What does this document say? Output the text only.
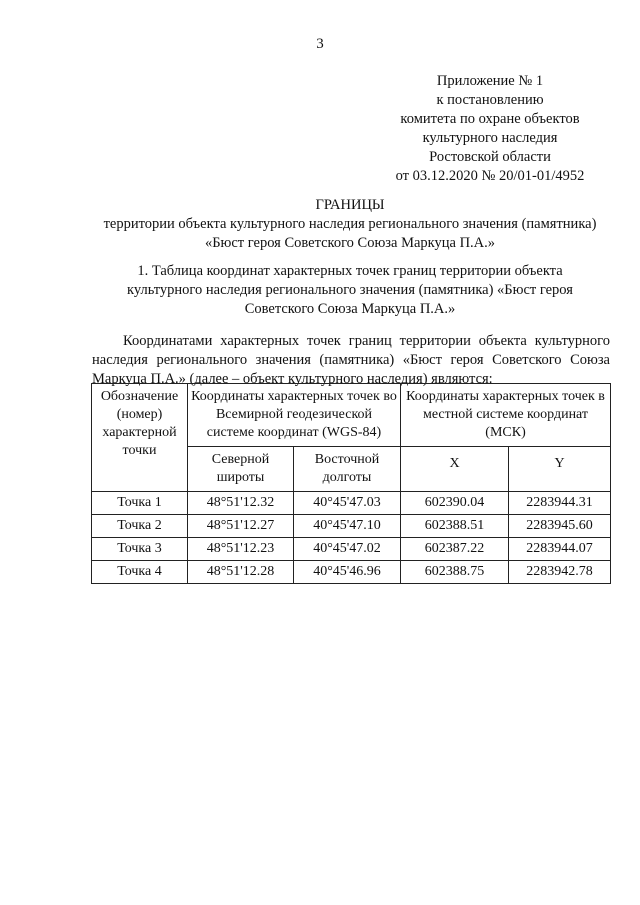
3
Приложение № 1
к постановлению
комитета по охране объектов
культурного наследия
Ростовской области
от 03.12.2020 № 20/01-01/4952
ГРАНИЦЫ
территории объекта культурного наследия регионального значения (памятника)
«Бюст героя Советского Союза Маркуца П.А.»
1. Таблица координат характерных точек границ территории объекта
культурного наследия регионального значения (памятника) «Бюст героя
Советского Союза Маркуца П.А.»
Координатами характерных точек границ территории объекта культурного
наследия регионального значения (памятника) «Бюст героя Советского Союза
Маркуца П.А.» (далее – объект культурного наследия) являются:
Обозначение (номер) характерной точки	Координаты характерных точек во Всемирной геодезической системе координат (WGS-84)		Координаты характерных точек в местной системе координат (МСК)	
	Северной широты	Восточной долготы	X	Y
Точка 1	48°51'12.32	40°45'47.03	602390.04	2283944.31
Точка 2	48°51'12.27	40°45'47.10	602388.51	2283945.60
Точка 3	48°51'12.23	40°45'47.02	602387.22	2283944.07
Точка 4	48°51'12.28	40°45'46.96	602388.75	2283942.78
